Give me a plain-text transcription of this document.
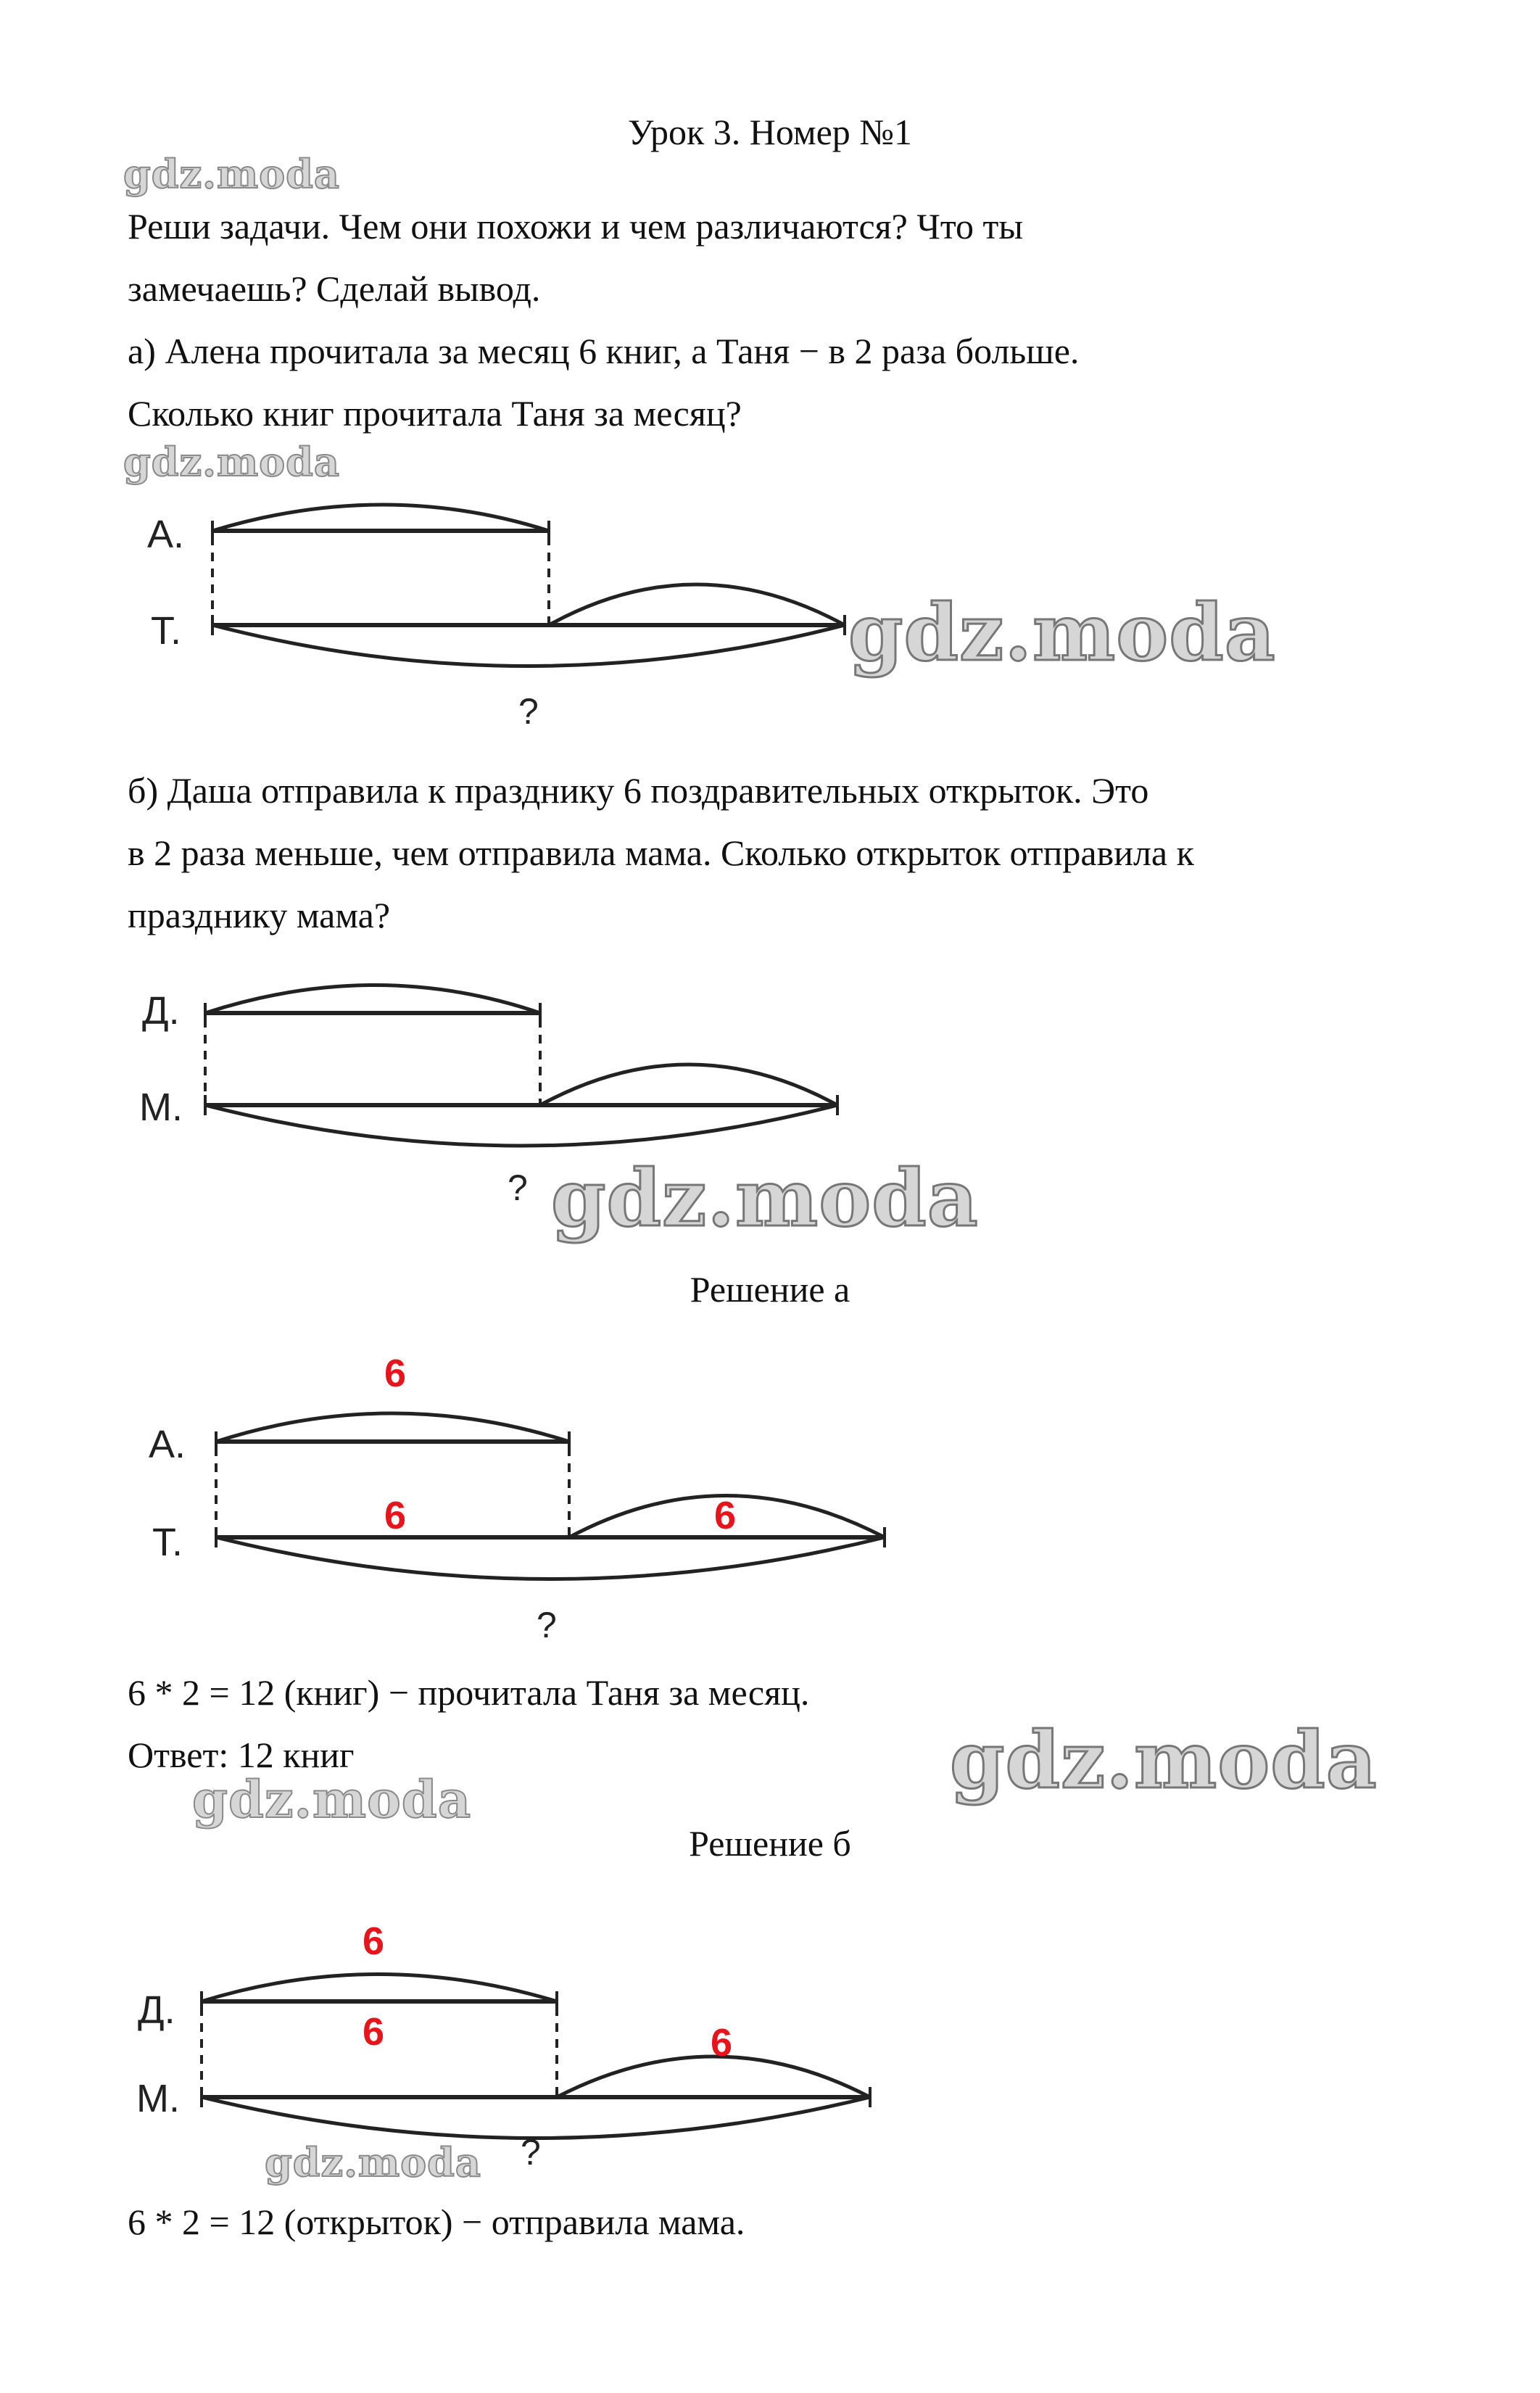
Урок 3. Номер №1
gdz.moda
gdz.moda
gdz.moda
gdz.moda
gdz.moda
gdz.moda
gdz.moda
Реши задачи. Чем они похожи и чем различаются? Что ты
замечаешь? Сделай вывод.
а) Алена прочитала за месяц 6 книг, а Таня − в 2 раза больше.
Сколько книг прочитала Таня за месяц?
А.
Т.
?
б) Даша отправила к празднику 6 поздравительных открыток. Это
в 2 раза меньше, чем отправила мама. Сколько открыток отправила к
празднику мама?
Д.
М.
?
Решение а
А.
Т.
6
6	6
?
6 * 2 = 12 (книг) − прочитала Таня за месяц.
Ответ: 12 книг
Решение б
Д.
М.
6
6	6
?
6 * 2 = 12 (открыток) − отправила мама.
